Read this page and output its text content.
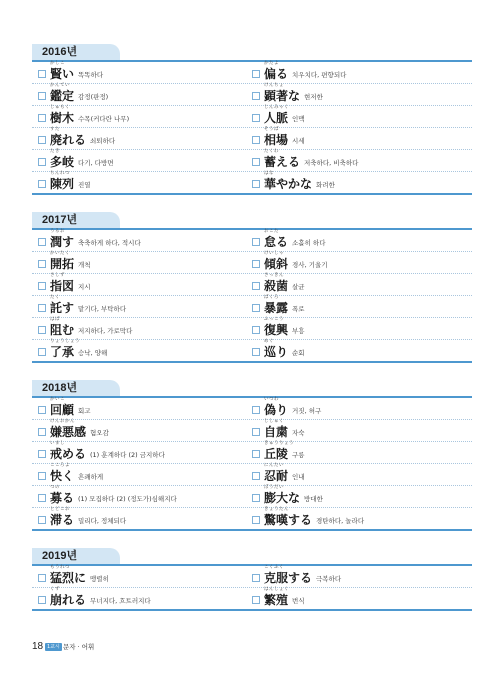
2016년
かしこ
賢い 똑똑하다
かたよ
偏る 치우치다, 편향되다
かんてい
鑑定 감정(판정)
けんちょ
顕著な 현저한
じゅもく
樹木 수목(커다란 나무)
じんみゃく
人脈 인맥
すた
廃れる 쇠퇴하다
そうば
相場 시세
たき
多岐 다기, 다방면
たくわ
蓄える 저축하다, 비축하다
ちんれつ
陳列 진열
はな
華やかな 화려한
2017년
うるお
潤す 축축하게 하다, 적시다
おこた
怠る 소홀히 하다
かいたく
開拓 개척
けいしゃ
傾斜 경사, 기울기
さしず
指図 지시
さっきん
殺菌 살균
たく
託す 맡기다, 부탁하다
ばくろ
暴露 폭로
はば
阻む 저지하다, 가로막다
ふっこう
復興 부흥
りょうしょう
了承 승낙, 양해
めぐ
巡り 순회
2018년
かいこ
回顧 회고
いつわ
偽り 거짓, 허구
けんおかん
嫌悪感 혐오감
じしゅく
自粛 자숙
いまし
戒める (1) 훈계하다 (2) 금지하다
きゅうりょう
丘陵 구릉
こころよ
快く 흔쾌하게
にんたい
忍耐 인내
つの
募る (1) 모집하다 (2) (정도가)심해지다
ぼうだい
膨大な 방대한
とどこお
滞る 밀리다, 정체되다
きょうたん
驚嘆する 경탄하다, 놀라다
2019년
もうれつ
猛烈に 맹렬히
こくふく
克服する 극복하다
くず
崩れる 무너지다, 흐트러지다
はんしょく
繁殖 번식
18 1교시 문자 · 어휘
